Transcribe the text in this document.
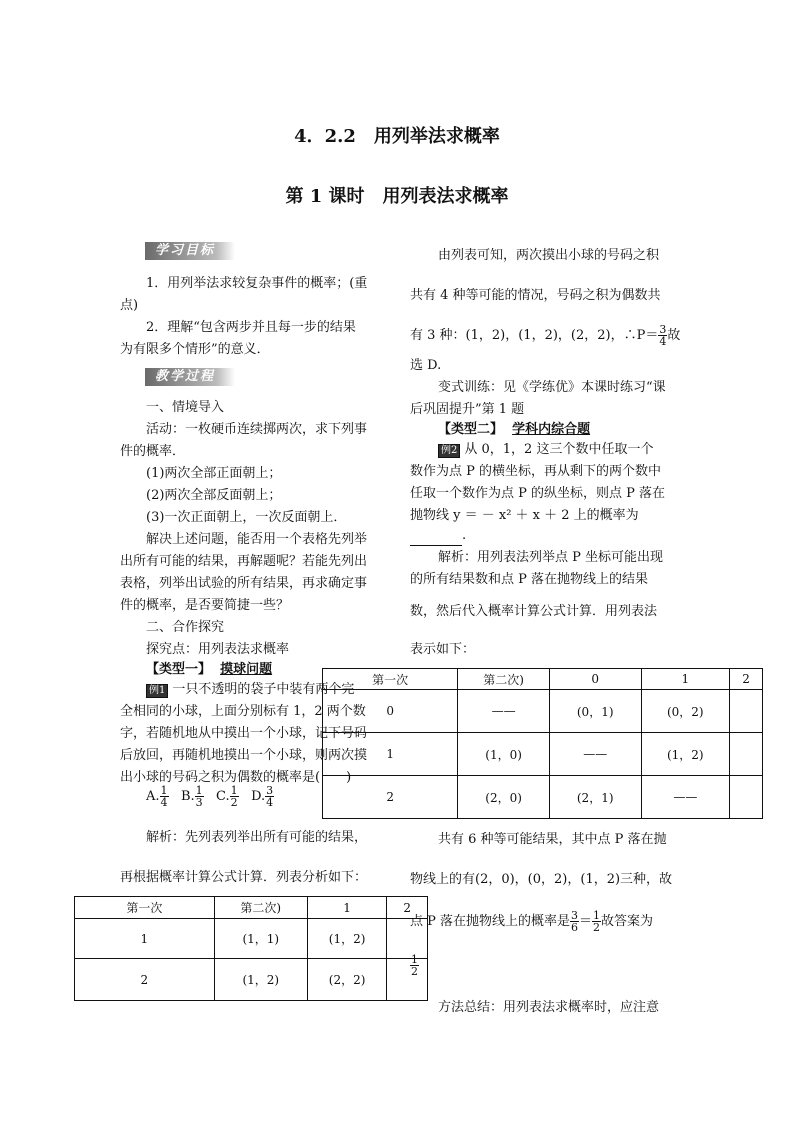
4．2.2　用列举法求概率
第 1 课时　用列表法求概率
学习目标
1．用列举法求较复杂事件的概率；(重
点)
2．理解“包含两步并且每一步的结果
为有限多个情形”的意义．
教学过程
一、情境导入
活动：一枚硬币连续掷两次，求下列事
件的概率．
(1)两次全部正面朝上；
(2)两次全部反面朝上；
(3)一次正面朝上，一次反面朝上．
解决上述问题，能否用一个表格先列举
出所有可能的结果，再解题呢？若能先列出
表格，列举出试验的所有结果，再求确定事
件的概率，是否要简捷一些？
二、合作探究
探究点：用列表法求概率
【类型一】 摸球问题
例1 一只不透明的袋子中装有两个完
全相同的小球，上面分别标有 1，2 两个数
字，若随机地从中摸出一个小球，记下号码
后放回，再随机地摸出一个小球，则两次摸
出小球的号码之积为偶数的概率是( )
A. $\frac{1}{4} B$. $\frac{1}{3} C$. $\frac{1}{2} D$. $\frac{3}{4}$
解析：先列表列举出所有可能的结果，
再根据概率计算公式计算．列表分析如下：
第一次	第二次)	1	2
1	(1，1)	(1，2)	
2	(1，2)	(2，2)	
由列表可知，两次摸出小球的号码之积
共有 4 种等可能的情况，号码之积为偶数共
有 3 种：(1，2)，(1，2)，(2，2)，∴P＝ $\frac{3}{4}$ 故
选 D.
变式训练：见《学练优》本课时练习“课
后巩固提升”第 1 题
【类型二】 学科内综合题
例2 从 0，1，2 这三个数中任取一个
数作为点 P 的横坐标，再从剩下的两个数中
任取一个数作为点 P 的纵坐标，则点 P 落在
抛物线 y ＝ － x² ＋ x ＋ 2 上的概率为
.
解析：用列表法列举点 P 坐标可能出现
的所有结果数和点 P 落在抛物线上的结果
数，然后代入概率计算公式计算．用列表法
表示如下：
第一次	第二次)	0	1	2
0	——	(0，1)	(0，2)	
1	(1，0)	——	(1，2)	
2	(2，0)	(2，1)	——	
共有 6 种等可能结果，其中点 P 落在抛
物线上的有(2，0)，(0，2)，(1，2)三种，故
点 P 落在抛物线上的概率是 $\frac{3}{6} = \frac{1}{2}$ 故答案为
$\frac{1}{2}$
方法总结：用列表法求概率时，应注意
